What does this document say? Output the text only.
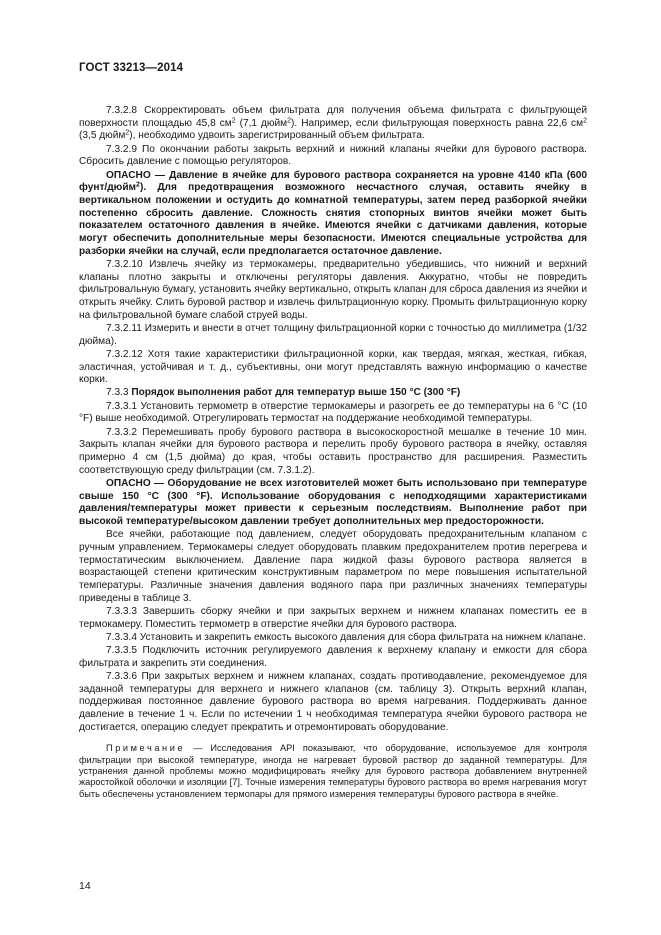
ГОСТ 33213—2014

7.3.2.8 Скорректировать объем фильтрата для получения объема фильтрата с фильтрующей поверхности площадью 45,8 $см^2$ (7,1 дюйм$^2$). Например, если фильтрующая поверхность равна 22,6 $см^2$ (3,5 дюйм$^2$), необходимо удвоить зарегистрированный объем фильтрата.

7.3.2.9 По окончании работы закрыть верхний и нижний клапаны ячейки для бурового раствора. Сбросить давление с помощью регуляторов.

ОПАСНО — Давление в ячейке для бурового раствора сохраняется на уровне 4140 кПа (600 фунт/дюйм$^2$). Для предотвращения возможного несчастного случая, оставить ячейку в вертикальном положении и остудить до комнатной температуры, затем перед разборкой ячейки постепенно сбросить давление. Сложность снятия стопорных винтов ячейки может быть показателем остаточного давления в ячейке. Имеются ячейки с датчиками давления, которые могут обеспечить дополнительные меры безопасности. Имеются специальные устройства для разборки ячейки на случай, если предполагается остаточное давление.

7.3.2.10 Извлечь ячейку из термокамеры, предварительно убедившись, что нижний и верхний клапаны плотно закрыты и отключены регуляторы давления. Аккуратно, чтобы не повредить фильтровальную бумагу, установить ячейку вертикально, открыть клапан для сброса давления из ячейки и открыть ячейку. Слить буровой раствор и извлечь фильтрационную корку. Промыть фильтрационную корку на фильтровальной бумаге слабой струей воды.

7.3.2.11 Измерить и внести в отчет толщину фильтрационной корки с точностью до миллиметра (1/32 дюйма).

7.3.2.12 Хотя такие характеристики фильтрационной корки, как твердая, мягкая, жесткая, гибкая, эластичная, устойчивая и т. д., субъективны, они могут представлять важную информацию о качестве корки.

7.3.3 Порядок выполнения работ для температур выше 150 °С (300 °F)

7.3.3.1 Установить термометр в отверстие термокамеры и разогреть ее до температуры на 6 °С (10 °F) выше необходимой. Отрегулировать термостат на поддержание необходимой температуры.

7.3.3.2 Перемешивать пробу бурового раствора в высокоскоростной мешалке в течение 10 мин. Закрыть клапан ячейки для бурового раствора и перелить пробу бурового раствора в ячейку, оставляя примерно 4 см (1,5 дюйма) до края, чтобы оставить пространство для расширения. Разместить соответствующую среду фильтрации (см. 7.3.1.2).

ОПАСНО — Оборудование не всех изготовителей может быть использовано при температуре свыше 150 °С (300 °F). Использование оборудования с неподходящими характеристиками давления/температуры может привести к серьезным последствиям. Выполнение работ при высокой температуре/высоком давлении требует дополнительных мер предосторожности.

Все ячейки, работающие под давлением, следует оборудовать предохранительным клапаном с ручным управлением. Термокамеры следует оборудовать плавким предохранителем против перегрева и термостатическим выключением. Давление пара жидкой фазы бурового раствора является в возрастающей степени критическим конструктивным параметром по мере повышения испытательной температуры. Различные значения давления водяного пара при различных значениях температуры приведены в таблице 3.

7.3.3.3 Завершить сборку ячейки и при закрытых верхнем и нижнем клапанах поместить ее в термокамеру. Поместить термометр в отверстие ячейки для бурового раствора.

7.3.3.4 Установить и закрепить емкость высокого давления для сбора фильтрата на нижнем клапане.

7.3.3.5 Подключить источник регулируемого давления к верхнему клапану и емкости для сбора фильтрата и закрепить эти соединения.

7.3.3.6 При закрытых верхнем и нижнем клапанах, создать противодавление, рекомендуемое для заданной температуры для верхнего и нижнего клапанов (см. таблицу 3). Открыть верхний клапан, поддерживая постоянное давление бурового раствора во время нагревания. Поддерживать данное давление в течение 1 ч. Если по истечении 1 ч необходимая температура ячейки бурового раствора не достигается, операцию следует прекратить и отремонтировать оборудование.

Примечание — Исследования API показывают, что оборудование, используемое для контроля фильтрации при высокой температуре, иногда не нагревает буровой раствор до заданной температуры. Для устранения данной проблемы можно модифицировать ячейку для бурового раствора добавлением внутренней жаростойкой оболочки и изоляции [7]. Точные измерения температуры бурового раствора во время нагревания могут быть обеспечены установлением термопары для прямого измерения температуры бурового раствора в ячейке.
14
